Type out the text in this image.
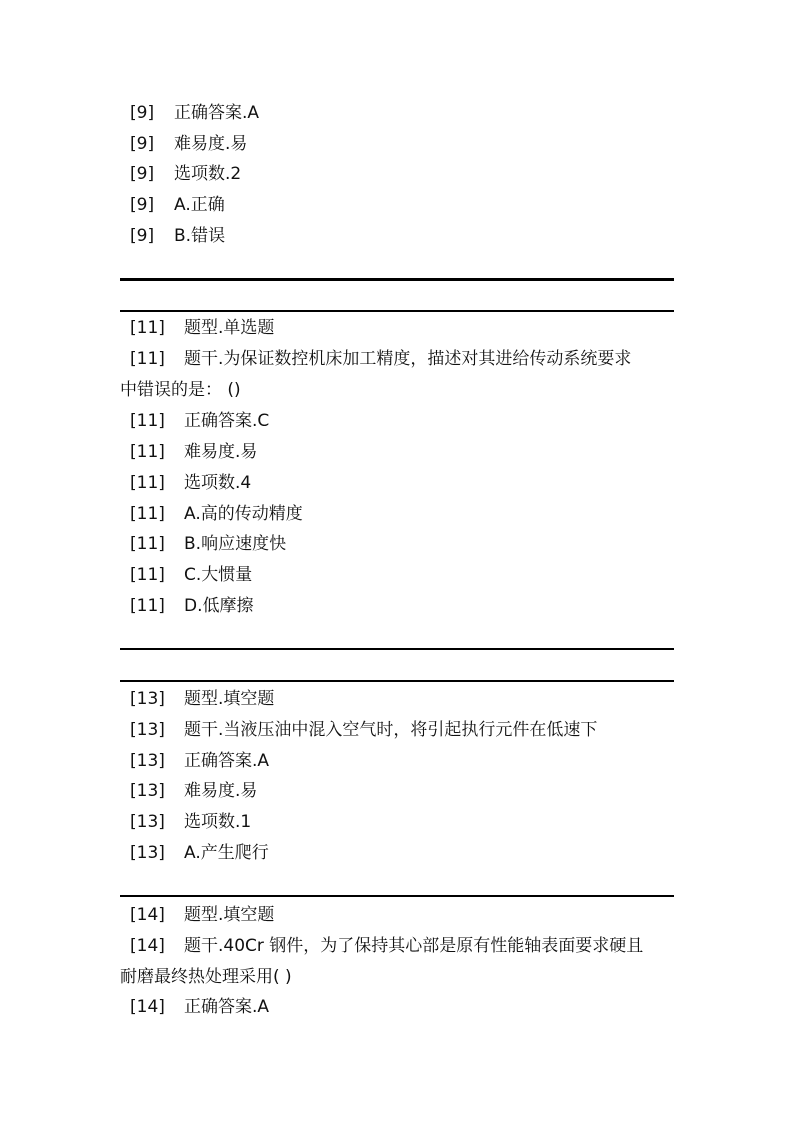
[9] 正确答案.A
[9] 难易度.易
[9] 选项数.2
[9] A.正确
[9] B.错误
[11] 题型.单选题
[11] 题干.为保证数控机床加工精度，描述对其进给传动系统要求
中错误的是： ()
[11] 正确答案.C
[11] 难易度.易
[11] 选项数.4
[11] A.高的传动精度
[11] B.响应速度快
[11] C.大惯量
[11] D.低摩擦
[13] 题型.填空题
[13] 题干.当液压油中混入空气时，将引起执行元件在低速下
[13] 正确答案.A
[13] 难易度.易
[13] 选项数.1
[13] A.产生爬行
[14] 题型.填空题
[14] 题干.40Cr 钢件，为了保持其心部是原有性能轴表面要求硬且
耐磨最终热处理采用( )
[14] 正确答案.A
